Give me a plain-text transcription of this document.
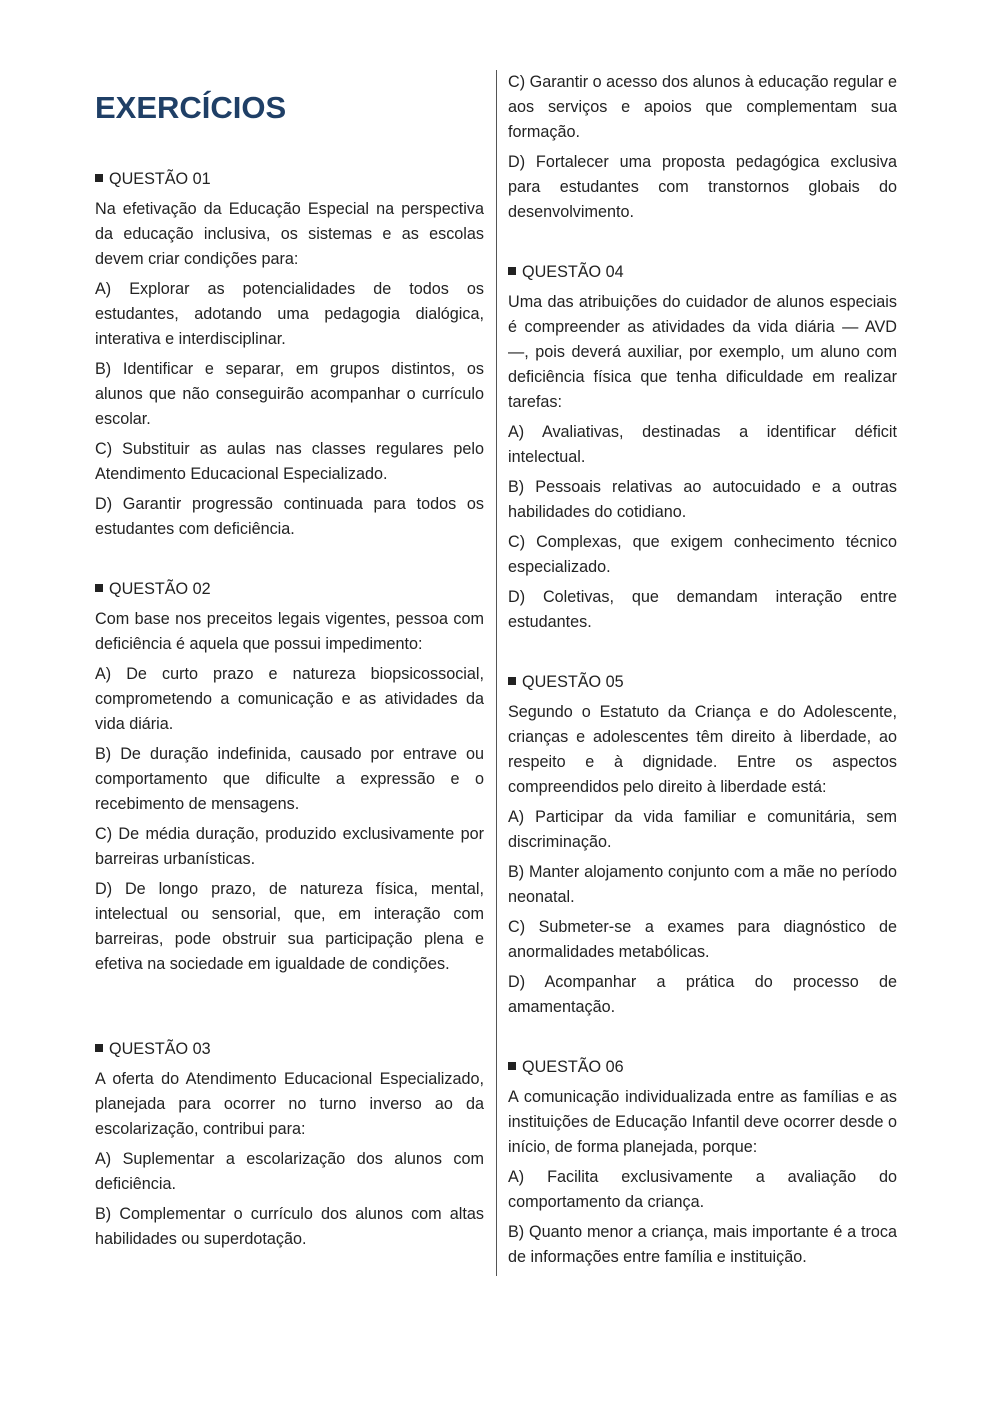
EXERCÍCIOS
QUESTÃO 01
Na efetivação da Educação Especial na perspectiva da educação inclusiva, os sistemas e as escolas devem criar condições para:
A) Explorar as potencialidades de todos os estudantes, adotando uma pedagogia dialógica, interativa e interdisciplinar.
B) Identificar e separar, em grupos distintos, os alunos que não conseguirão acompanhar o currículo escolar.
C) Substituir as aulas nas classes regulares pelo Atendimento Educacional Especializado.
D) Garantir progressão continuada para todos os estudantes com deficiência.
QUESTÃO 02
Com base nos preceitos legais vigentes, pessoa com deficiência é aquela que possui impedimento:
A) De curto prazo e natureza biopsicossocial, comprometendo a comunicação e as atividades da vida diária.
B) De duração indefinida, causado por entrave ou comportamento que dificulte a expressão e o recebimento de mensagens.
C) De média duração, produzido exclusivamente por barreiras urbanísticas.
D) De longo prazo, de natureza física, mental, intelectual ou sensorial, que, em interação com barreiras, pode obstruir sua participação plena e efetiva na sociedade em igualdade de condições.
QUESTÃO 03
A oferta do Atendimento Educacional Especializado, planejada para ocorrer no turno inverso ao da escolarização, contribui para:
A) Suplementar a escolarização dos alunos com deficiência.
B) Complementar o currículo dos alunos com altas habilidades ou superdotação.
C) Garantir o acesso dos alunos à educação regular e aos serviços e apoios que complementam sua formação.
D) Fortalecer uma proposta pedagógica exclusiva para estudantes com transtornos globais do desenvolvimento.
QUESTÃO 04
Uma das atribuições do cuidador de alunos especiais é compreender as atividades da vida diária — AVD —, pois deverá auxiliar, por exemplo, um aluno com deficiência física que tenha dificuldade em realizar tarefas:
A) Avaliativas, destinadas a identificar déficit intelectual.
B) Pessoais relativas ao autocuidado e a outras habilidades do cotidiano.
C) Complexas, que exigem conhecimento técnico especializado.
D) Coletivas, que demandam interação entre estudantes.
QUESTÃO 05
Segundo o Estatuto da Criança e do Adolescente, crianças e adolescentes têm direito à liberdade, ao respeito e à dignidade. Entre os aspectos compreendidos pelo direito à liberdade está:
A) Participar da vida familiar e comunitária, sem discriminação.
B) Manter alojamento conjunto com a mãe no período neonatal.
C) Submeter-se a exames para diagnóstico de anormalidades metabólicas.
D) Acompanhar a prática do processo de amamentação.
QUESTÃO 06
A comunicação individualizada entre as famílias e as instituições de Educação Infantil deve ocorrer desde o início, de forma planejada, porque:
A) Facilita exclusivamente a avaliação do comportamento da criança.
B) Quanto menor a criança, mais importante é a troca de informações entre família e instituição.
